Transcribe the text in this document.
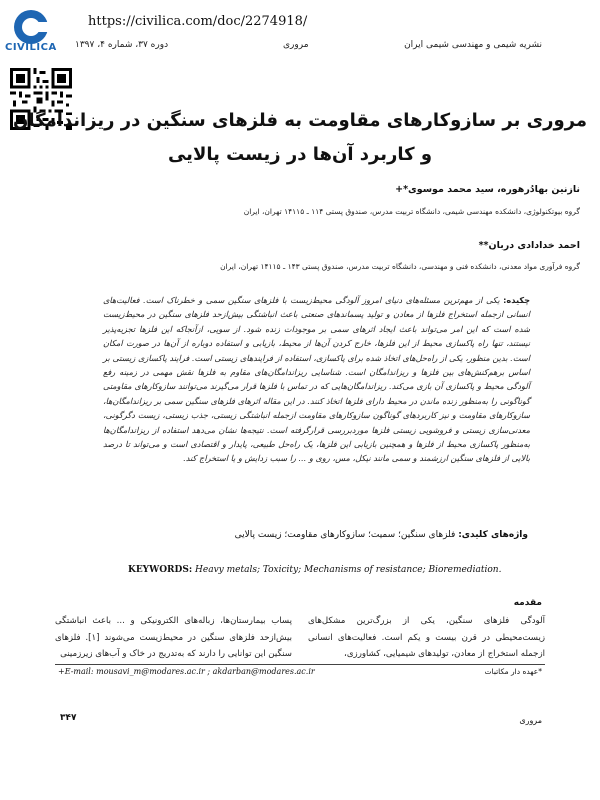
CIVILICA
https://civilica.com/doc/2274918/
نشریه شیمی و مهندسی شیمی ایران
مروری
دوره ۳۷، شماره ۴، ۱۳۹۷
مروری بر سازوکارهای مقاومت به فلزهای سنگین در ریزاندامگان
و کاربرد آن‌ها در زیست پالایی
نازنین بها‌دُرهوره، سید محمد موسوی*+
گروه بیوتکنولوژی، دانشکده مهندسی شیمی، دانشگاه تربیت مدرس، صندوق پستی ۱۱۴ ـ ۱۴۱۱۵ تهران، ایران
احمد خدادادی دربان**
گروه فرآوری مواد معدنی، دانشکده فنی و مهندسی، دانشگاه تربیت مدرس، صندوق پستی ۱۴۳ ـ ۱۴۱۱۵ تهران، ایران
چکیده: یکی از مهم‌ترین مسئله‌های دنیای امروز آلودگی محیط‌زیست با فلزهای سنگین سمی و خطرناک است. فعالیت‌های انسانی ازجمله استخراج فلزها از معادن و تولید پسماندهای صنعتی باعث انباشتگی بیش‌ازحد فلزهای سنگین در محیط‌زیست شده است که این امر می‌تواند باعث ایجاد اثرهای سمی بر موجودات زنده شود. از سویی، ازآنجاکه این فلزها تجزیه‌پذیر نیستند، تنها راه پاکسازی محیط از این فلزها، خارج کردن آن‌ها از محیط، بازیابی و استفاده دوباره از آن‌ها در صورت امکان است. بدین منظور، یکی از راه‌حل‌های اتخاذ شده برای پاکسازی، استفاده از فرایندهای زیستی است. فرایند پاکسازی زیستی بر اساس برهم‌کنش‌های بین فلزها و ریزاندامگان است. شناسایی ریزاندامگان‌های مقاوم به فلزها نقش مهمی در زمینه رفع آلودگی محیط و پاکسازی آن بازی می‌کند. ریزاندامگان‌هایی که در تماس با فلزها قرار می‌گیرند می‌توانند سازوکارهای مقاومتی گوناگونی را به‌منظور زنده ماندن در محیط دارای فلزها اتخاذ کنند. در این مقاله اثرهای فلزهای سنگین سمی بر ریزاندامگان‌ها، سازوکارهای مقاومت و نیز کاربردهای گوناگون سازوکارهای مقاومت ازجمله انباشتگی زیستی، جذب زیستی، زیست دگرگونی، معدنی‌سازی زیستی و فروشویی زیستی فلزها موردبررسی قرارگرفته است. نتیجه‌ها نشان می‌دهد استفاده از ریزاندامگان‌ها به‌منظور پاکسازی محیط از فلزها و همچنین بازیابی این فلزها، یک راه‌حل طبیعی، پایدار و اقتصادی است و می‌تواند تا درصد بالایی از فلزهای سنگین ارزشمند و سمی مانند نیکل، مس، روی و ... را سبب زدایش و یا استخراج کند.
واژه‌های کلیدی: فلزهای سنگین؛ سمیت؛ سازوکارهای مقاومت؛ زیست پالایی
KEYWORDS: Heavy metals; Toxicity; Mechanisms of resistance; Bioremediation.
مقدمه
آلودگی فلزهای سنگین، یکی از بزرگ‌ترین مشکل‌های زیست‌محیطی در قرن بیست و یکم است. فعالیت‌های انسانی ازجمله استخراج از معادن، تولیدهای شیمیایی، کشاورزی،
پساب بیمارستان‌ها، زباله‌های الکترونیکی و ... باعث انباشتگی بیش‌ازحد فلزهای سنگین در محیط‌زیست می‌شوند [۱]. فلزهای سنگین این توانایی را دارند که به‌تدریج در خاک و آب‌های زیرزمینی
+E-mail: mousavi_m@modares.ac.ir ; akdarban@modares.ac.ir	*عهده دار مکاتبات
۳۴۷	مروری
